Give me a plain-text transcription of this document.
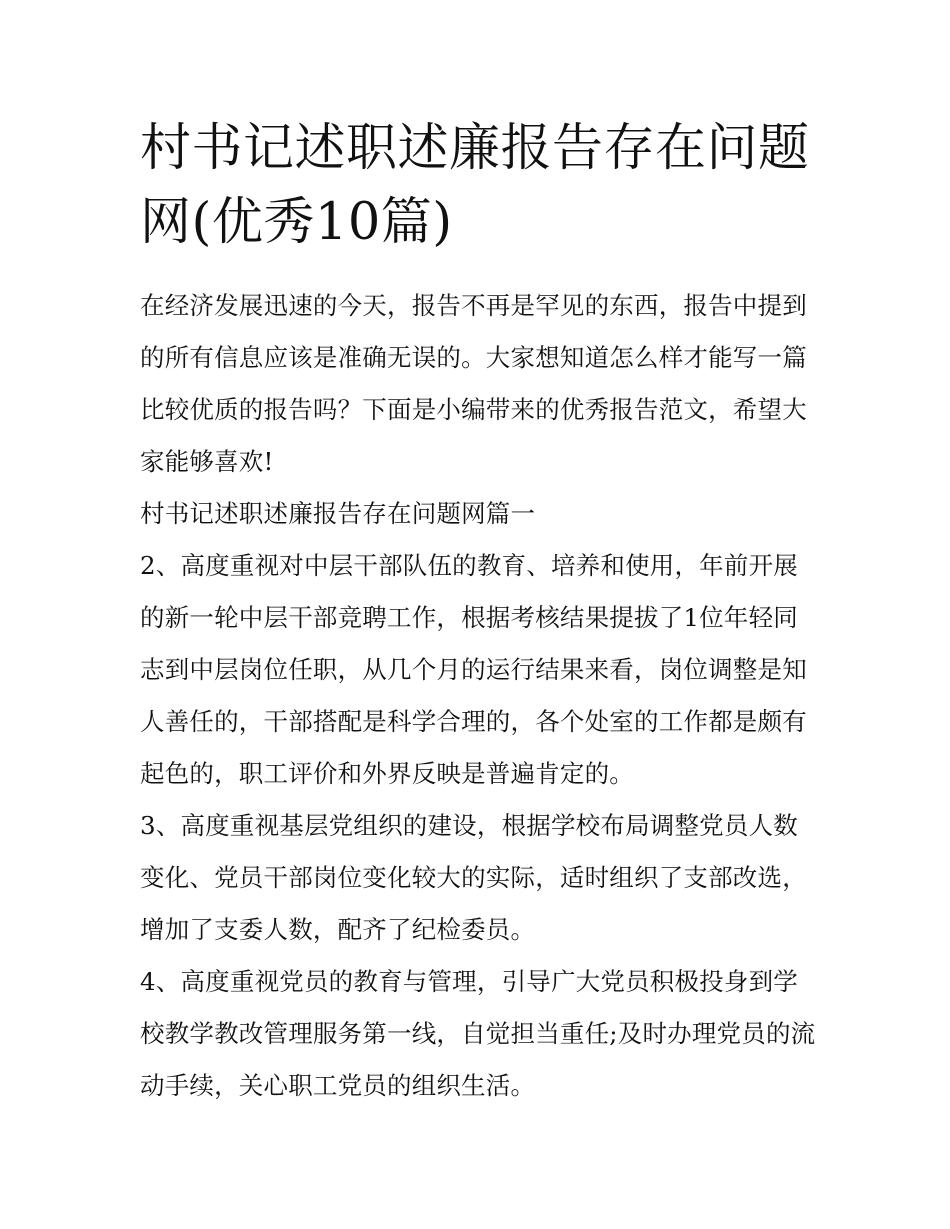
村书记述职述廉报告存在问题网(优秀10篇)

在经济发展迅速的今天，报告不再是罕见的东西，报告中提到的所有信息应该是准确无误的。大家想知道怎么样才能写一篇比较优质的报告吗？下面是小编带来的优秀报告范文，希望大家能够喜欢!

村书记述职述廉报告存在问题网篇一

2、高度重视对中层干部队伍的教育、培养和使用，年前开展的新一轮中层干部竞聘工作，根据考核结果提拔了1位年轻同志到中层岗位任职，从几个月的运行结果来看，岗位调整是知人善任的，干部搭配是科学合理的，各个处室的工作都是颇有起色的，职工评价和外界反映是普遍肯定的。

3、高度重视基层党组织的建设，根据学校布局调整党员人数变化、党员干部岗位变化较大的实际，适时组织了支部改选，增加了支委人数，配齐了纪检委员。

4、高度重视党员的教育与管理，引导广大党员积极投身到学校教学教改管理服务第一线，自觉担当重任;及时办理党员的流动手续，关心职工党员的组织生活。
